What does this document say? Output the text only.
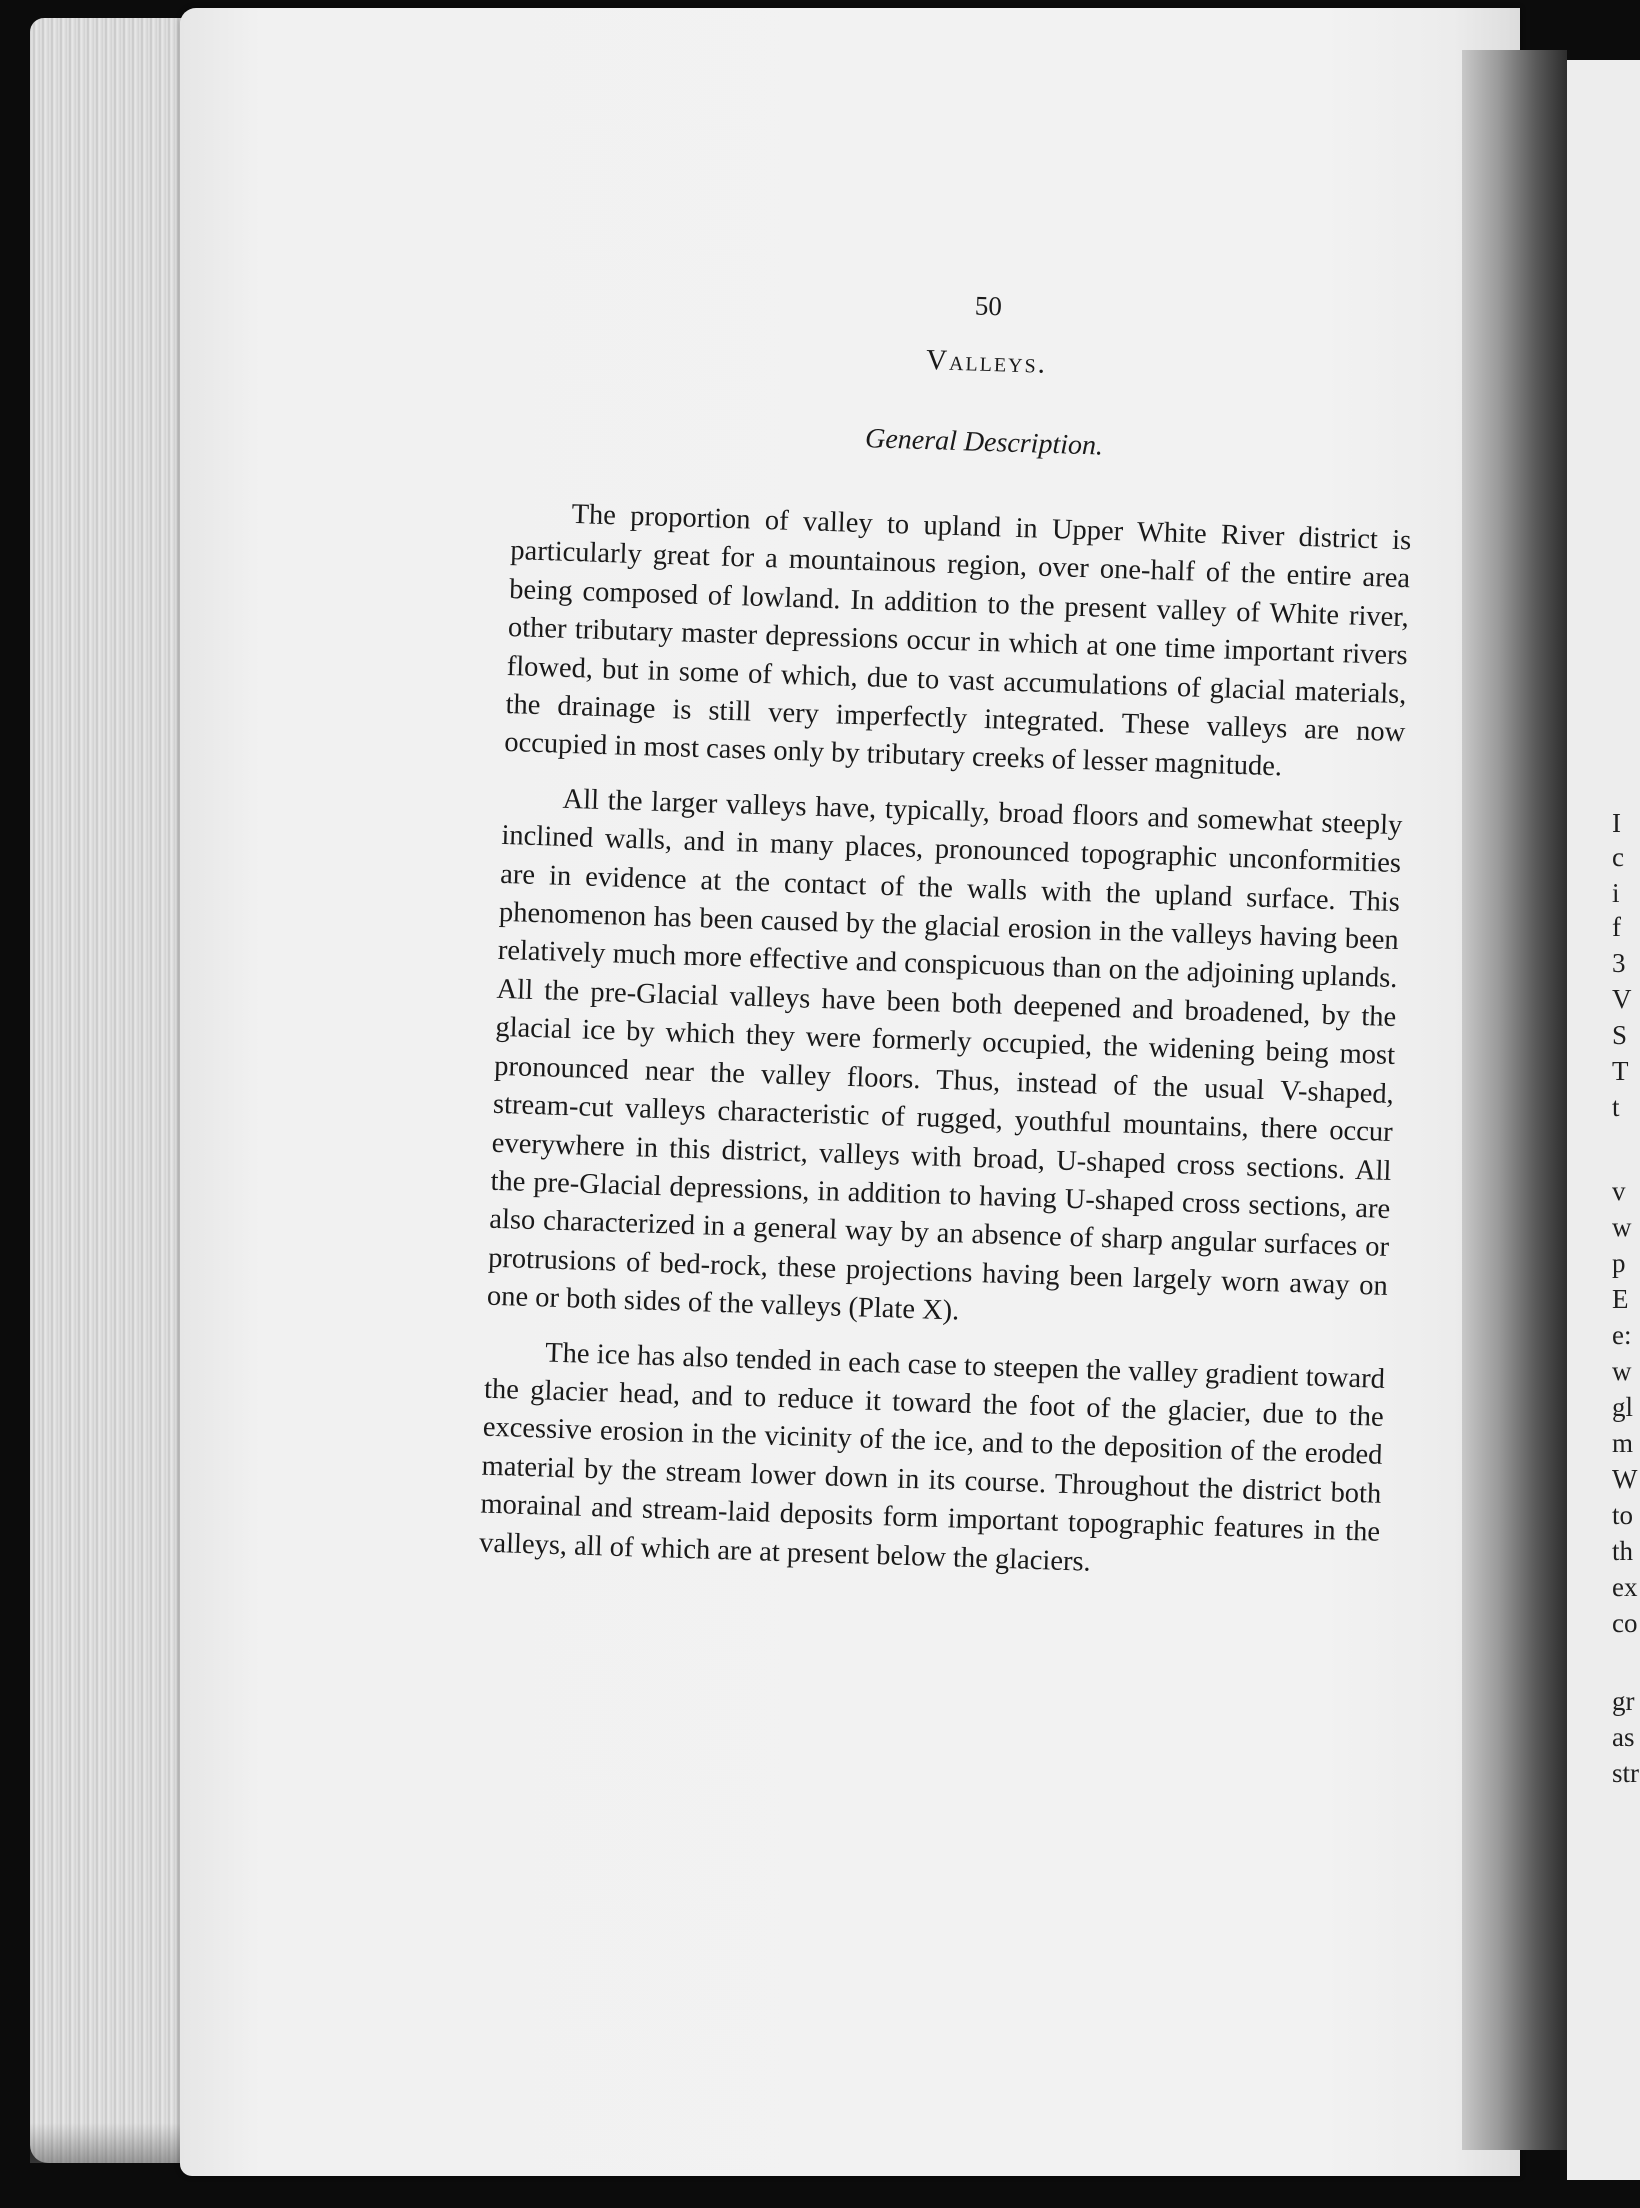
I
c
i
f
3
V
S
T
t
v
w
p
E
e:
w
gl
m
W
to
th
ex
co
gr
as
str
50
Valleys.
General Description.

The proportion of valley to upland in Upper White River district is particularly great for a mountainous region, over one-half of the entire area being composed of lowland. In addition to the present valley of White river, other tributary master depressions occur in which at one time important rivers flowed, but in some of which, due to vast accumulations of glacial materials, the drainage is still very imperfectly integrated. These valleys are now occupied in most cases only by tributary creeks of lesser magnitude.

All the larger valleys have, typically, broad floors and somewhat steeply inclined walls, and in many places, pronounced topographic unconformities are in evidence at the contact of the walls with the upland surface. This phenomenon has been caused by the glacial erosion in the valleys having been relatively much more effective and conspicuous than on the adjoining uplands. All the pre-Glacial valleys have been both deepened and broadened, by the glacial ice by which they were formerly occupied, the widening being most pronounced near the valley floors. Thus, instead of the usual V-shaped, stream-cut valleys characteristic of rugged, youthful mountains, there occur everywhere in this district, valleys with broad, U-shaped cross sections. All the pre-Glacial depressions, in addition to having U-shaped cross sections, are also characterized in a general way by an absence of sharp angular surfaces or protrusions of bed-rock, these projections having been largely worn away on one or both sides of the valleys (Plate X).

The ice has also tended in each case to steepen the valley gradient toward the glacier head, and to reduce it toward the foot of the glacier, due to the excessive erosion in the vicinity of the ice, and to the deposition of the eroded material by the stream lower down in its course. Throughout the district both morainal and stream-laid deposits form important topographic features in the valleys, all of which are at present below the glaciers.
